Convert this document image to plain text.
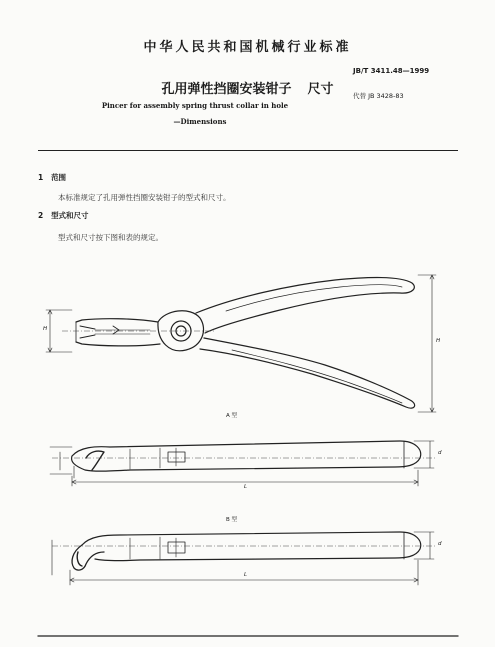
中华人民共和国机械行业标准
JB/T 3411.48—1999
孔用弹性挡圈安装钳子 尺寸	代替 JB 3428-83
Pincer for assembly spring thrust collar in hole
—Dimensions
1 范围
本标准规定了孔用弹性挡圈安装钳子的型式和尺寸。
2 型式和尺寸
型式和尺寸按下图和表的规定。
H
H
A 型
d
L
B 型
d
L
